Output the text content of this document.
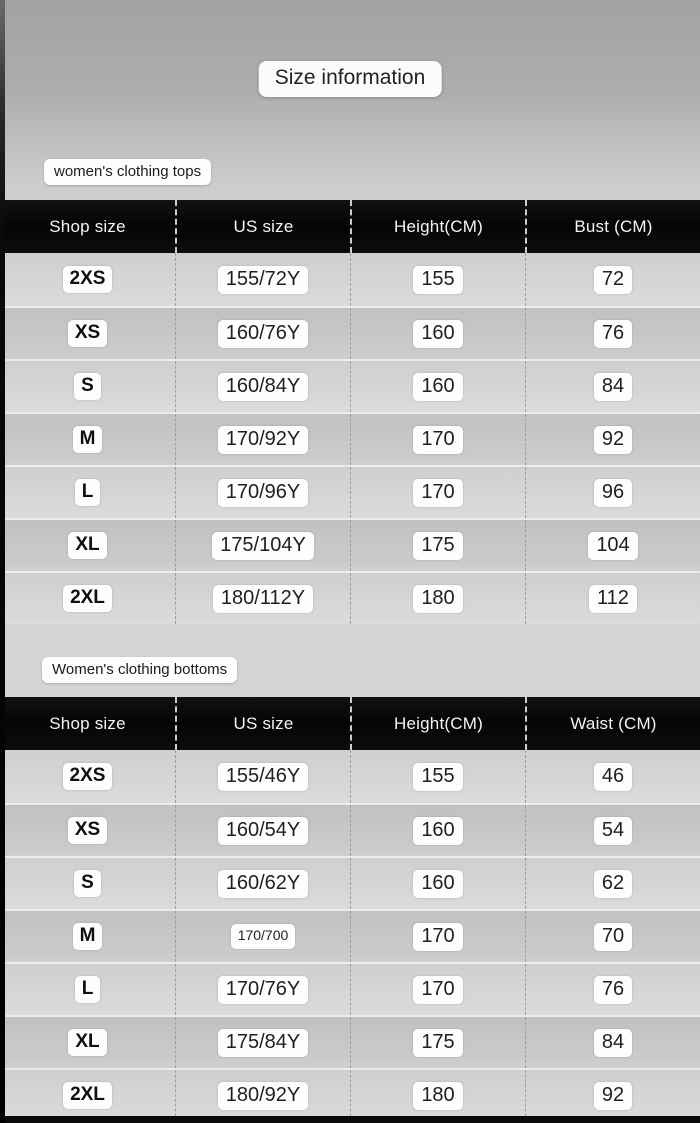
Size information
women's clothing tops
Shop size	US size	Height(CM)	Bust (CM)
2XS	155/72Y	155	72
XS	160/76Y	160	76
S	160/84Y	160	84
M	170/92Y	170	92
L	170/96Y	170	96
XL	175/104Y	175	104
2XL	180/112Y	180	112
Women's clothing bottoms
Shop size	US size	Height(CM)	Waist (CM)
2XS	155/46Y	155	46
XS	160/54Y	160	54
S	160/62Y	160	62
M	170/700	170	70
L	170/76Y	170	76
XL	175/84Y	175	84
2XL	180/92Y	180	92
